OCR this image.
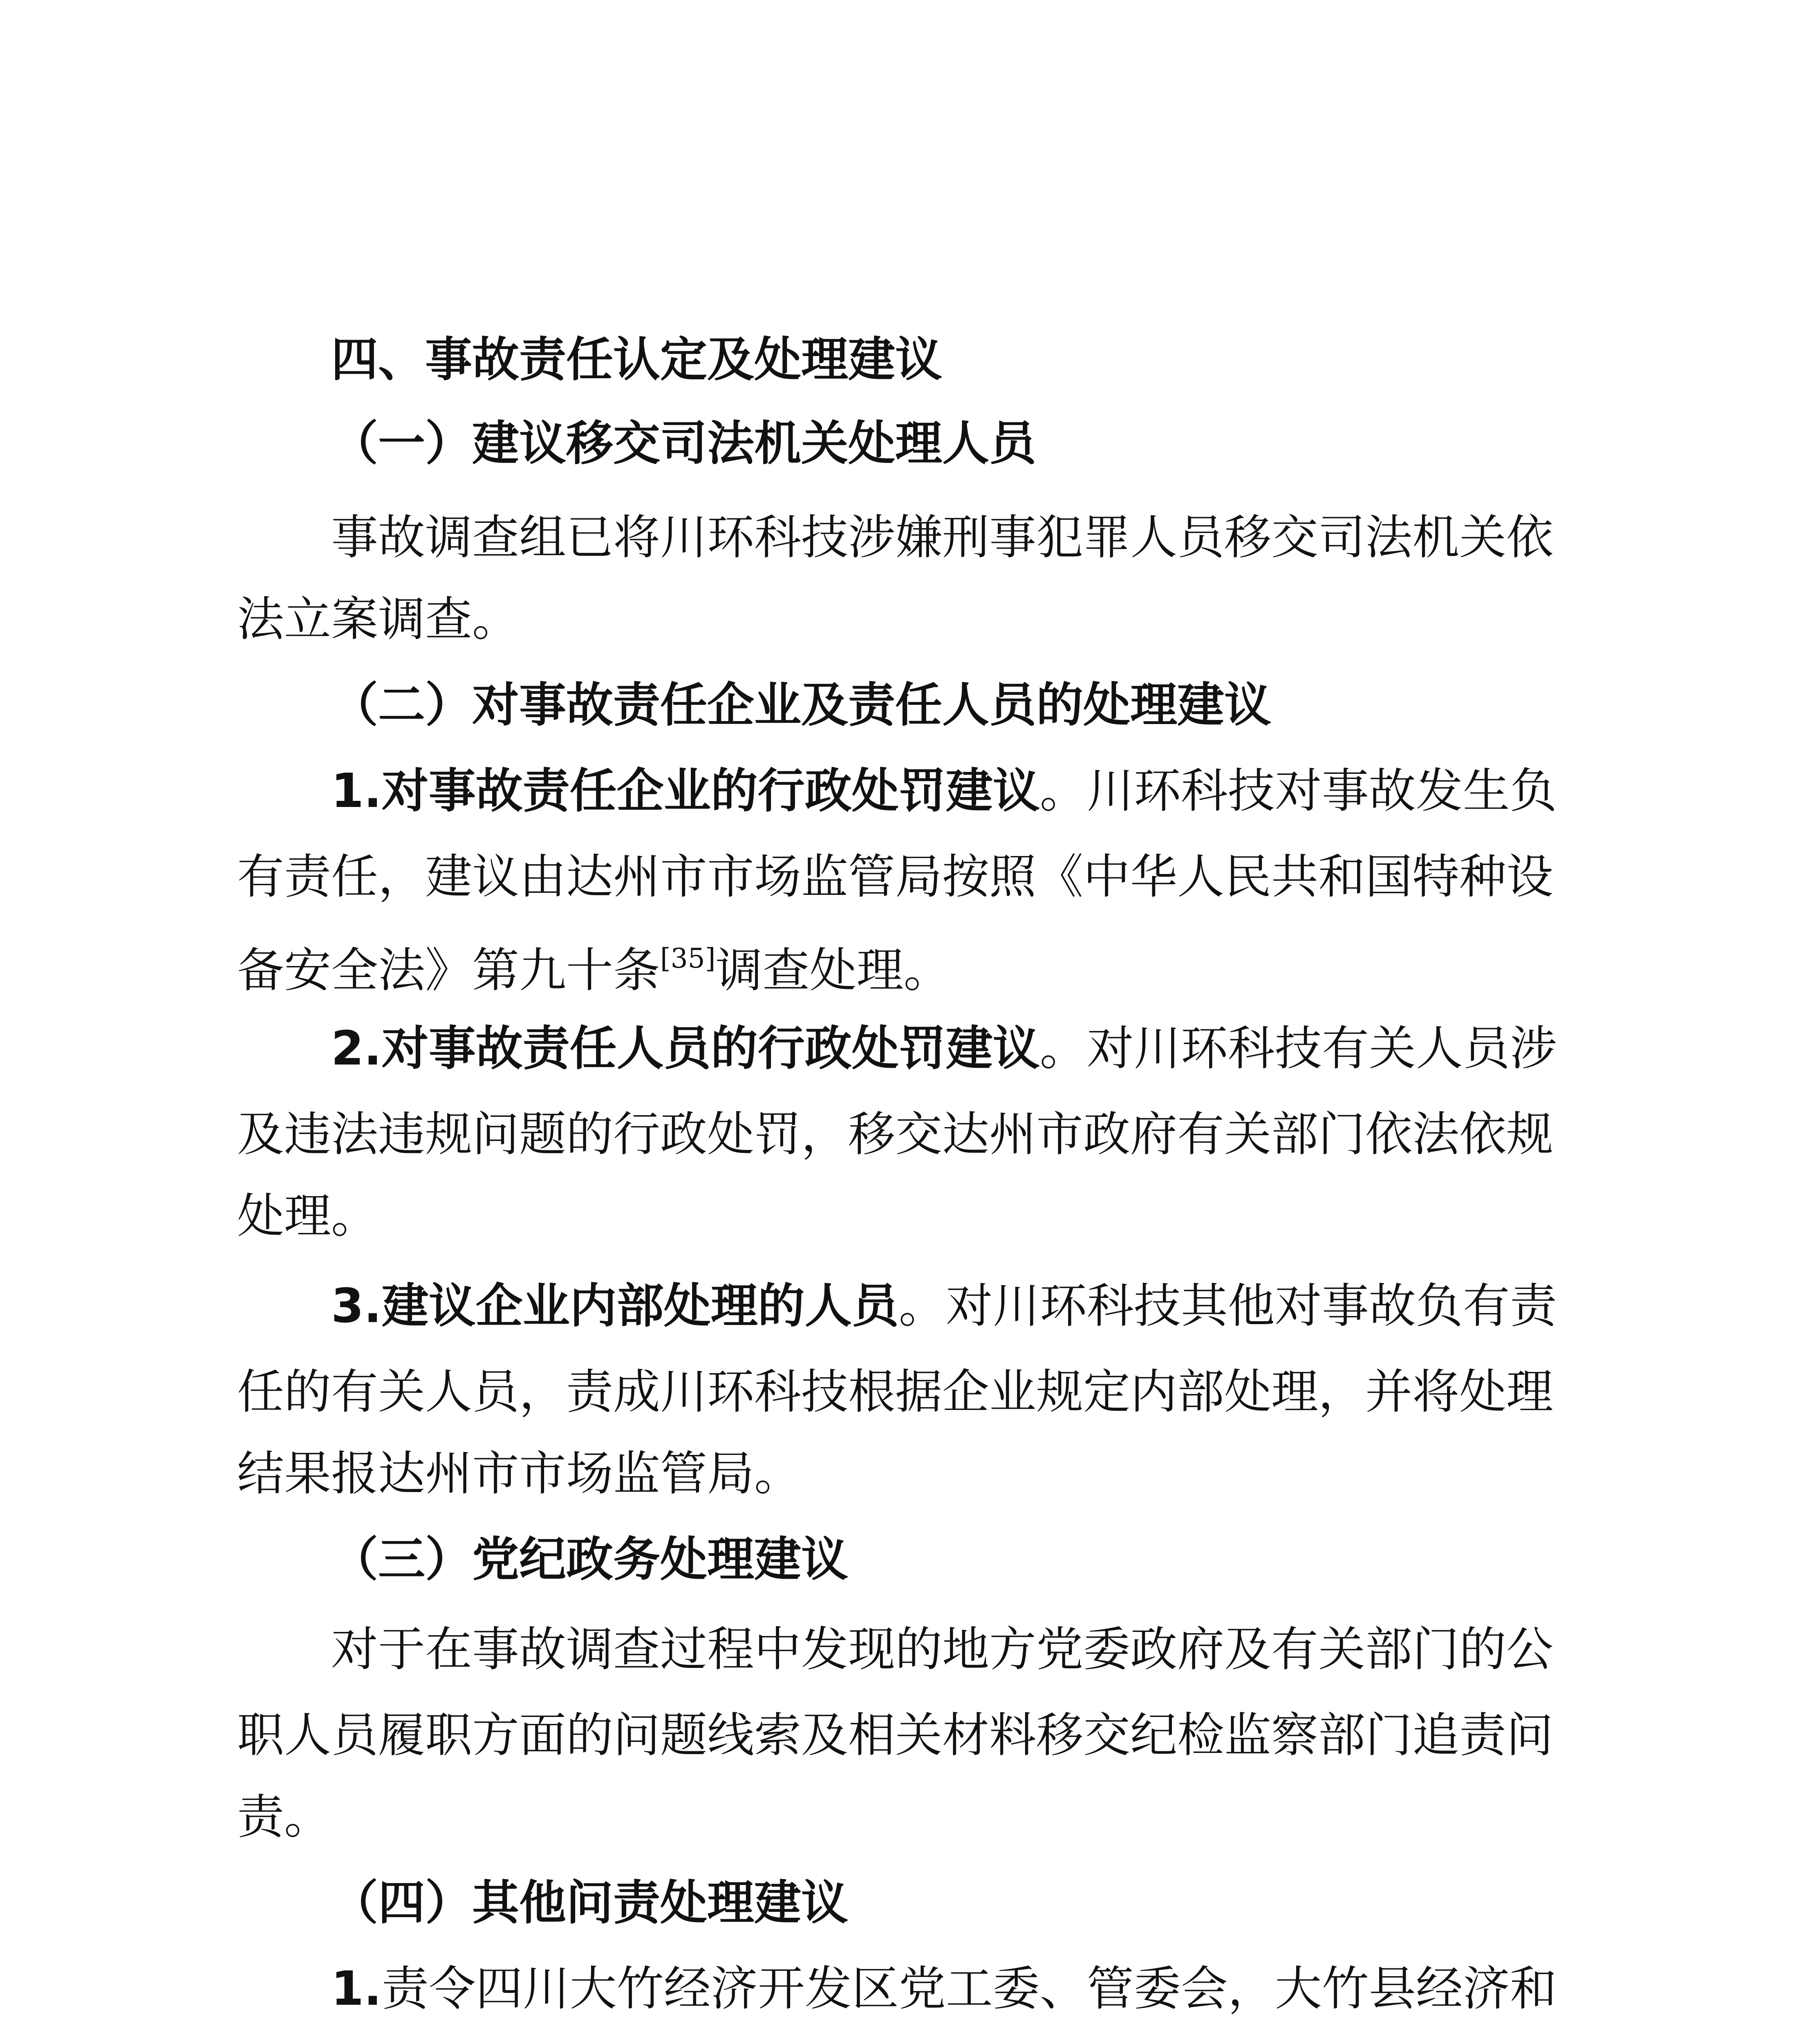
四、事故责任认定及处理建议
（一）建议移交司法机关处理人员
事故调查组已将川环科技涉嫌刑事犯罪人员移交司法机关依
法立案调查。
（二）对事故责任企业及责任人员的处理建议
1.对事故责任企业的行政处罚建议。川环科技对事故发生负
有责任，建议由达州市市场监管局按照《中华人民共和国特种设
备安全法》第九十条[35]调查处理。
2.对事故责任人员的行政处罚建议。对川环科技有关人员涉
及违法违规问题的行政处罚，移交达州市政府有关部门依法依规
处理。
3.建议企业内部处理的人员。对川环科技其他对事故负有责
任的有关人员，责成川环科技根据企业规定内部处理，并将处理
结果报达州市市场监管局。
（三）党纪政务处理建议
对于在事故调查过程中发现的地方党委政府及有关部门的公
职人员履职方面的问题线索及相关材料移交纪检监察部门追责问
责。
（四）其他问责处理建议
1.责令四川大竹经济开发区党工委、管委会，大竹县经济和
